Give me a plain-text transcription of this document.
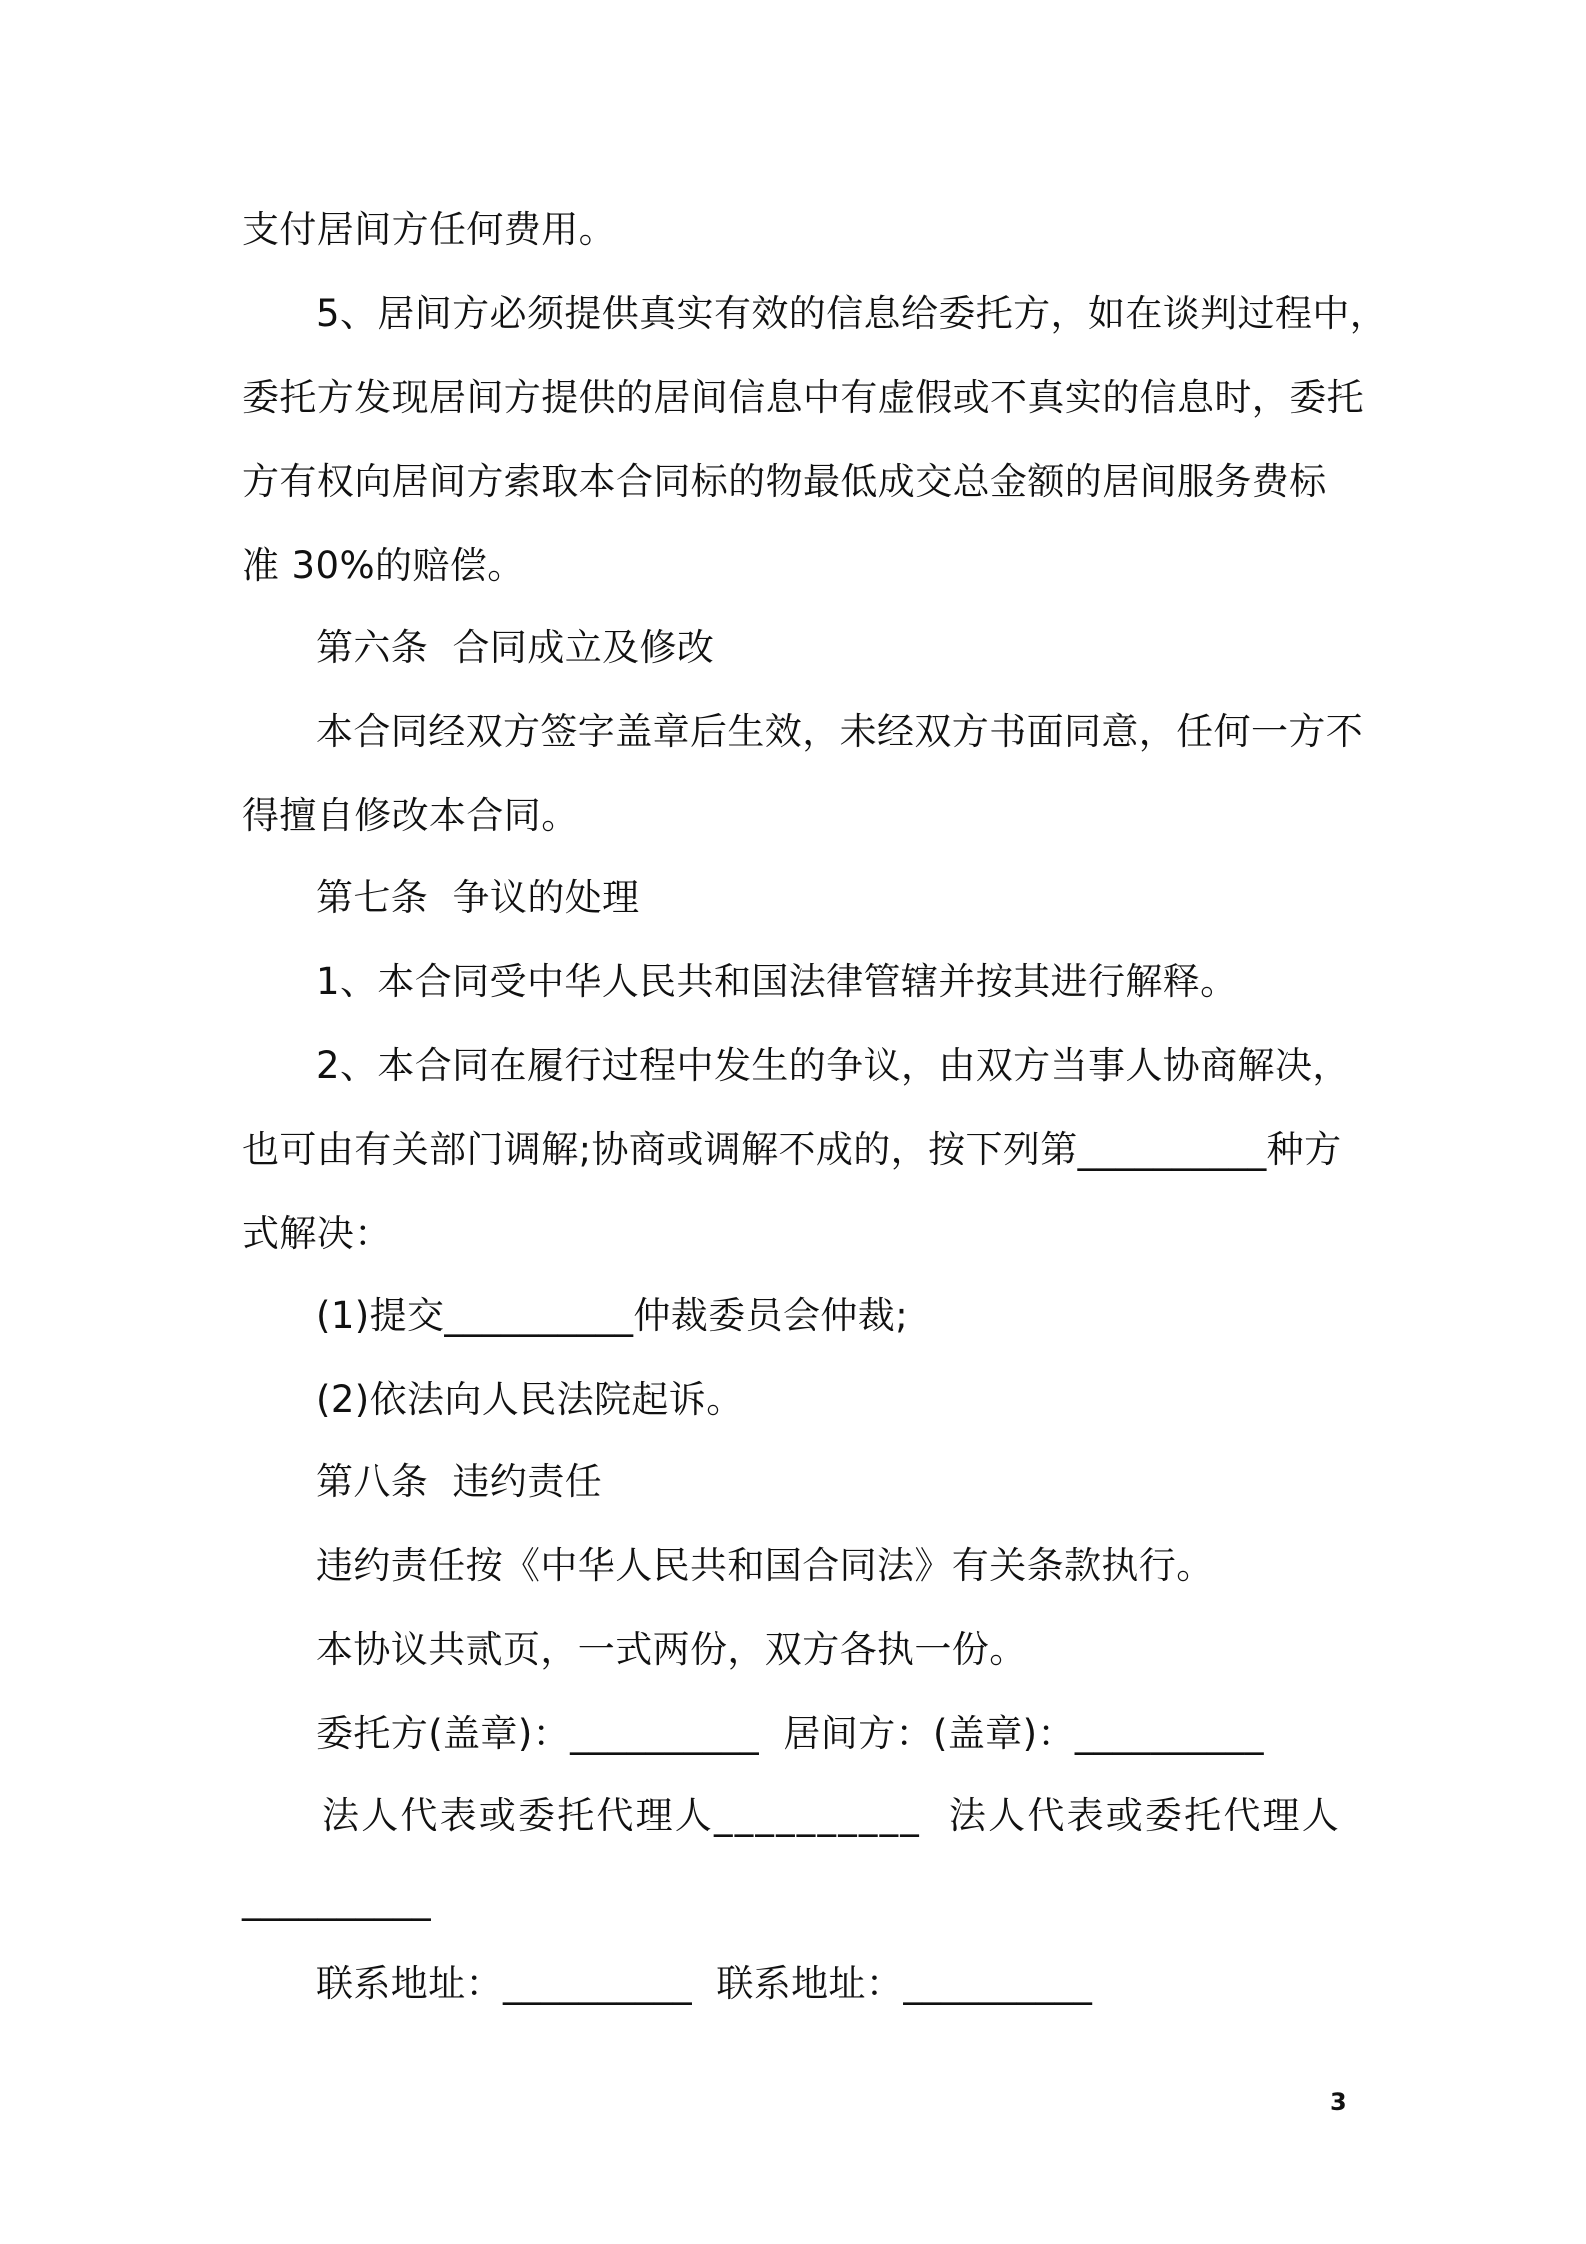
支付居间方任何费用。
5、居间方必须提供真实有效的信息给委托方，如在谈判过程中，
委托方发现居间方提供的居间信息中有虚假或不真实的信息时，委托
方有权向居间方索取本合同标的物最低成交总金额的居间服务费标
准 30%的赔偿。
第六条  合同成立及修改
本合同经双方签字盖章后生效，未经双方书面同意，任何一方不
得擅自修改本合同。
第七条  争议的处理
1、本合同受中华人民共和国法律管辖并按其进行解释。
2、本合同在履行过程中发生的争议，由双方当事人协商解决，
也可由有关部门调解;协商或调解不成的，按下列第__________种方
式解决：
(1)提交__________仲裁委员会仲裁;
(2)依法向人民法院起诉。
第八条  违约责任
违约责任按《中华人民共和国合同法》有关条款执行。
本协议共贰页，一式两份，双方各执一份。
委托方(盖章)：__________  居间方：(盖章)：__________
法人代表或委托代理人__________  法人代表或委托代理人
__________
联系地址：__________  联系地址：__________
3
